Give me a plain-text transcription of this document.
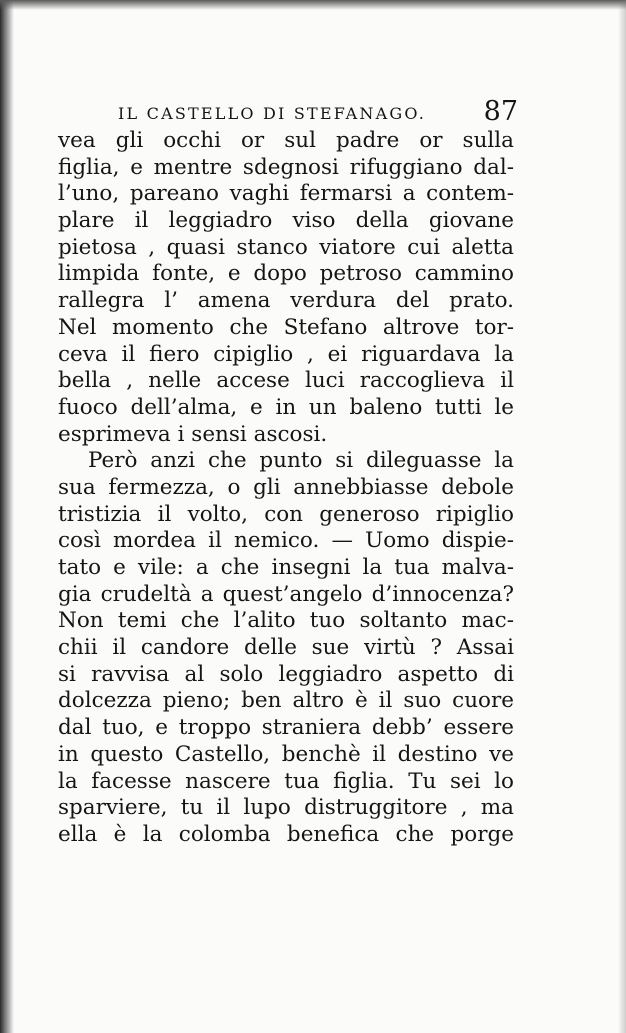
IL CASTELLO DI STEFANAGO. 87
vea gli occhi or sul padre or sulla
figlia, e mentre sdegnosi rifuggiano dal-
l’uno, pareano vaghi fermarsi a contem-
plare il leggiadro viso della giovane
pietosa , quasi stanco viatore cui aletta
limpida fonte, e dopo petroso cammino
rallegra l’ amena verdura del prato.
Nel momento che Stefano altrove tor-
ceva il fiero cipiglio , ei riguardava la
bella , nelle accese luci raccoglieva il
fuoco dell’alma, e in un baleno tutti le
esprimeva i sensi ascosi.
Però anzi che punto si dileguasse la
sua fermezza, o gli annebbiasse debole
tristizia il volto, con generoso ripiglio
così mordea il nemico. — Uomo dispie-
tato e vile: a che insegni la tua malva-
gia crudeltà a quest’angelo d’innocenza?
Non temi che l’alito tuo soltanto mac-
chii il candore delle sue virtù ? Assai
si ravvisa al solo leggiadro aspetto di
dolcezza pieno; ben altro è il suo cuore
dal tuo, e troppo straniera debb’ essere
in questo Castello, benchè il destino ve
la facesse nascere tua figlia. Tu sei lo
sparviere, tu il lupo distruggitore , ma
ella è la colomba benefica che porge
